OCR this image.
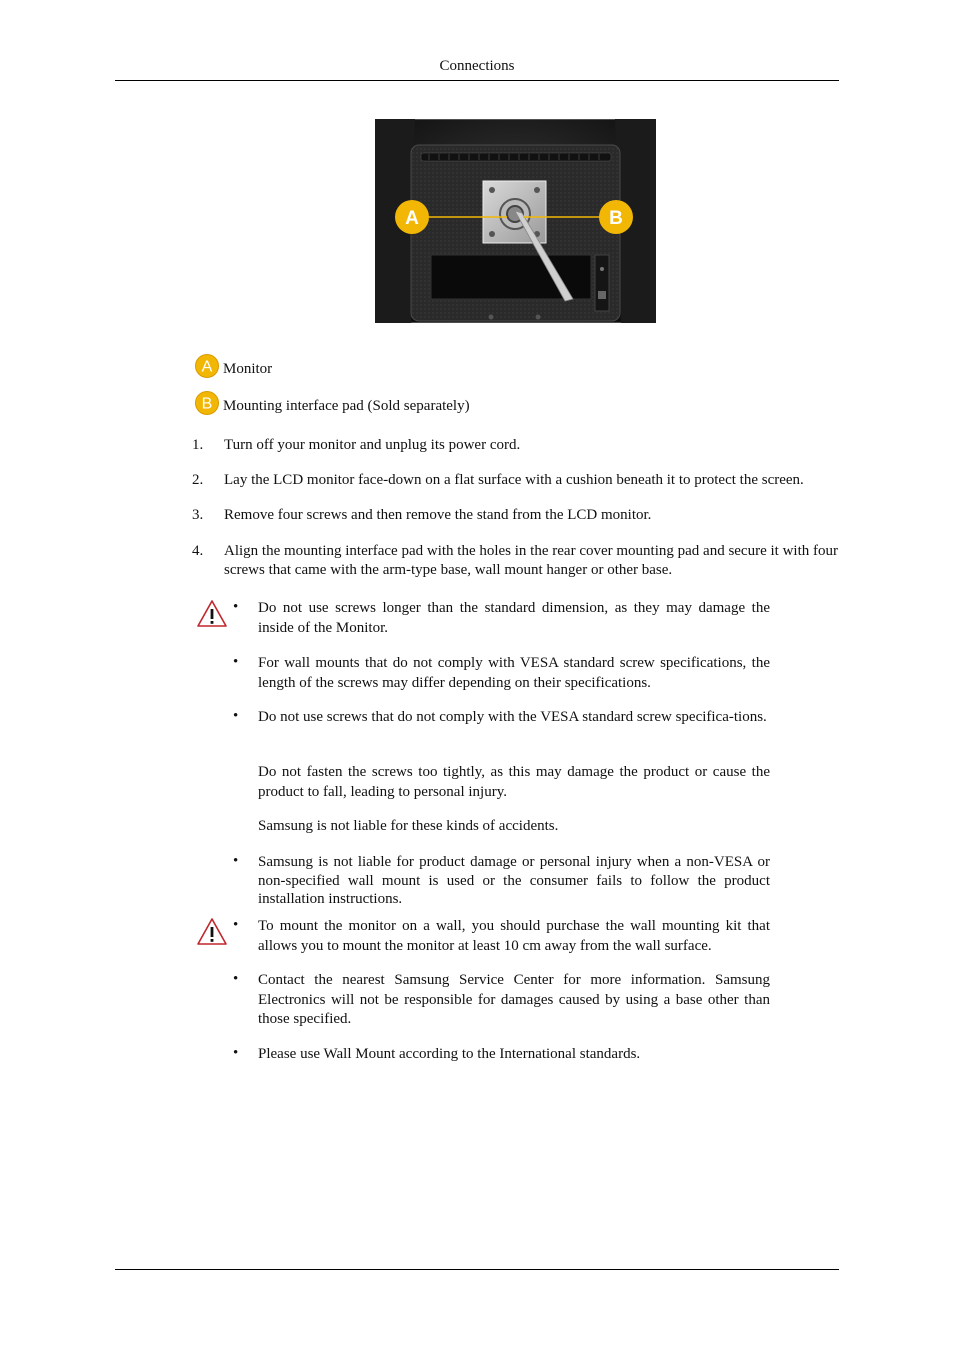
Connections
A	B
A Monitor
B Mounting interface pad (Sold separately)
1. Turn off your monitor and unplug its power cord.
2. Lay the LCD monitor face-down on a flat surface with a cushion beneath it to protect the screen.
3. Remove four screws and then remove the stand from the LCD monitor.
4. Align the mounting interface pad with the holes in the rear cover mounting pad and secure it with four screws that came with the arm-type base, wall mount hanger or other base.
• Do not use screws longer than the standard dimension, as they may damage the inside of the Monitor.
• For wall mounts that do not comply with VESA standard screw specifications, the length of the screws may differ depending on their specifications.
• Do not use screws that do not comply with the VESA standard screw specifica-tions.
Do not fasten the screws too tightly, as this may damage the product or cause the product to fall, leading to personal injury.
Samsung is not liable for these kinds of accidents.
• Samsung is not liable for product damage or personal injury when a non-VESA or non-specified wall mount is used or the consumer fails to follow the product installation instructions.
• To mount the monitor on a wall, you should purchase the wall mounting kit that allows you to mount the monitor at least 10 cm away from the wall surface.
• Contact the nearest Samsung Service Center for more information. Samsung Electronics will not be responsible for damages caused by using a base other than those specified.
• Please use Wall Mount according to the International standards.
